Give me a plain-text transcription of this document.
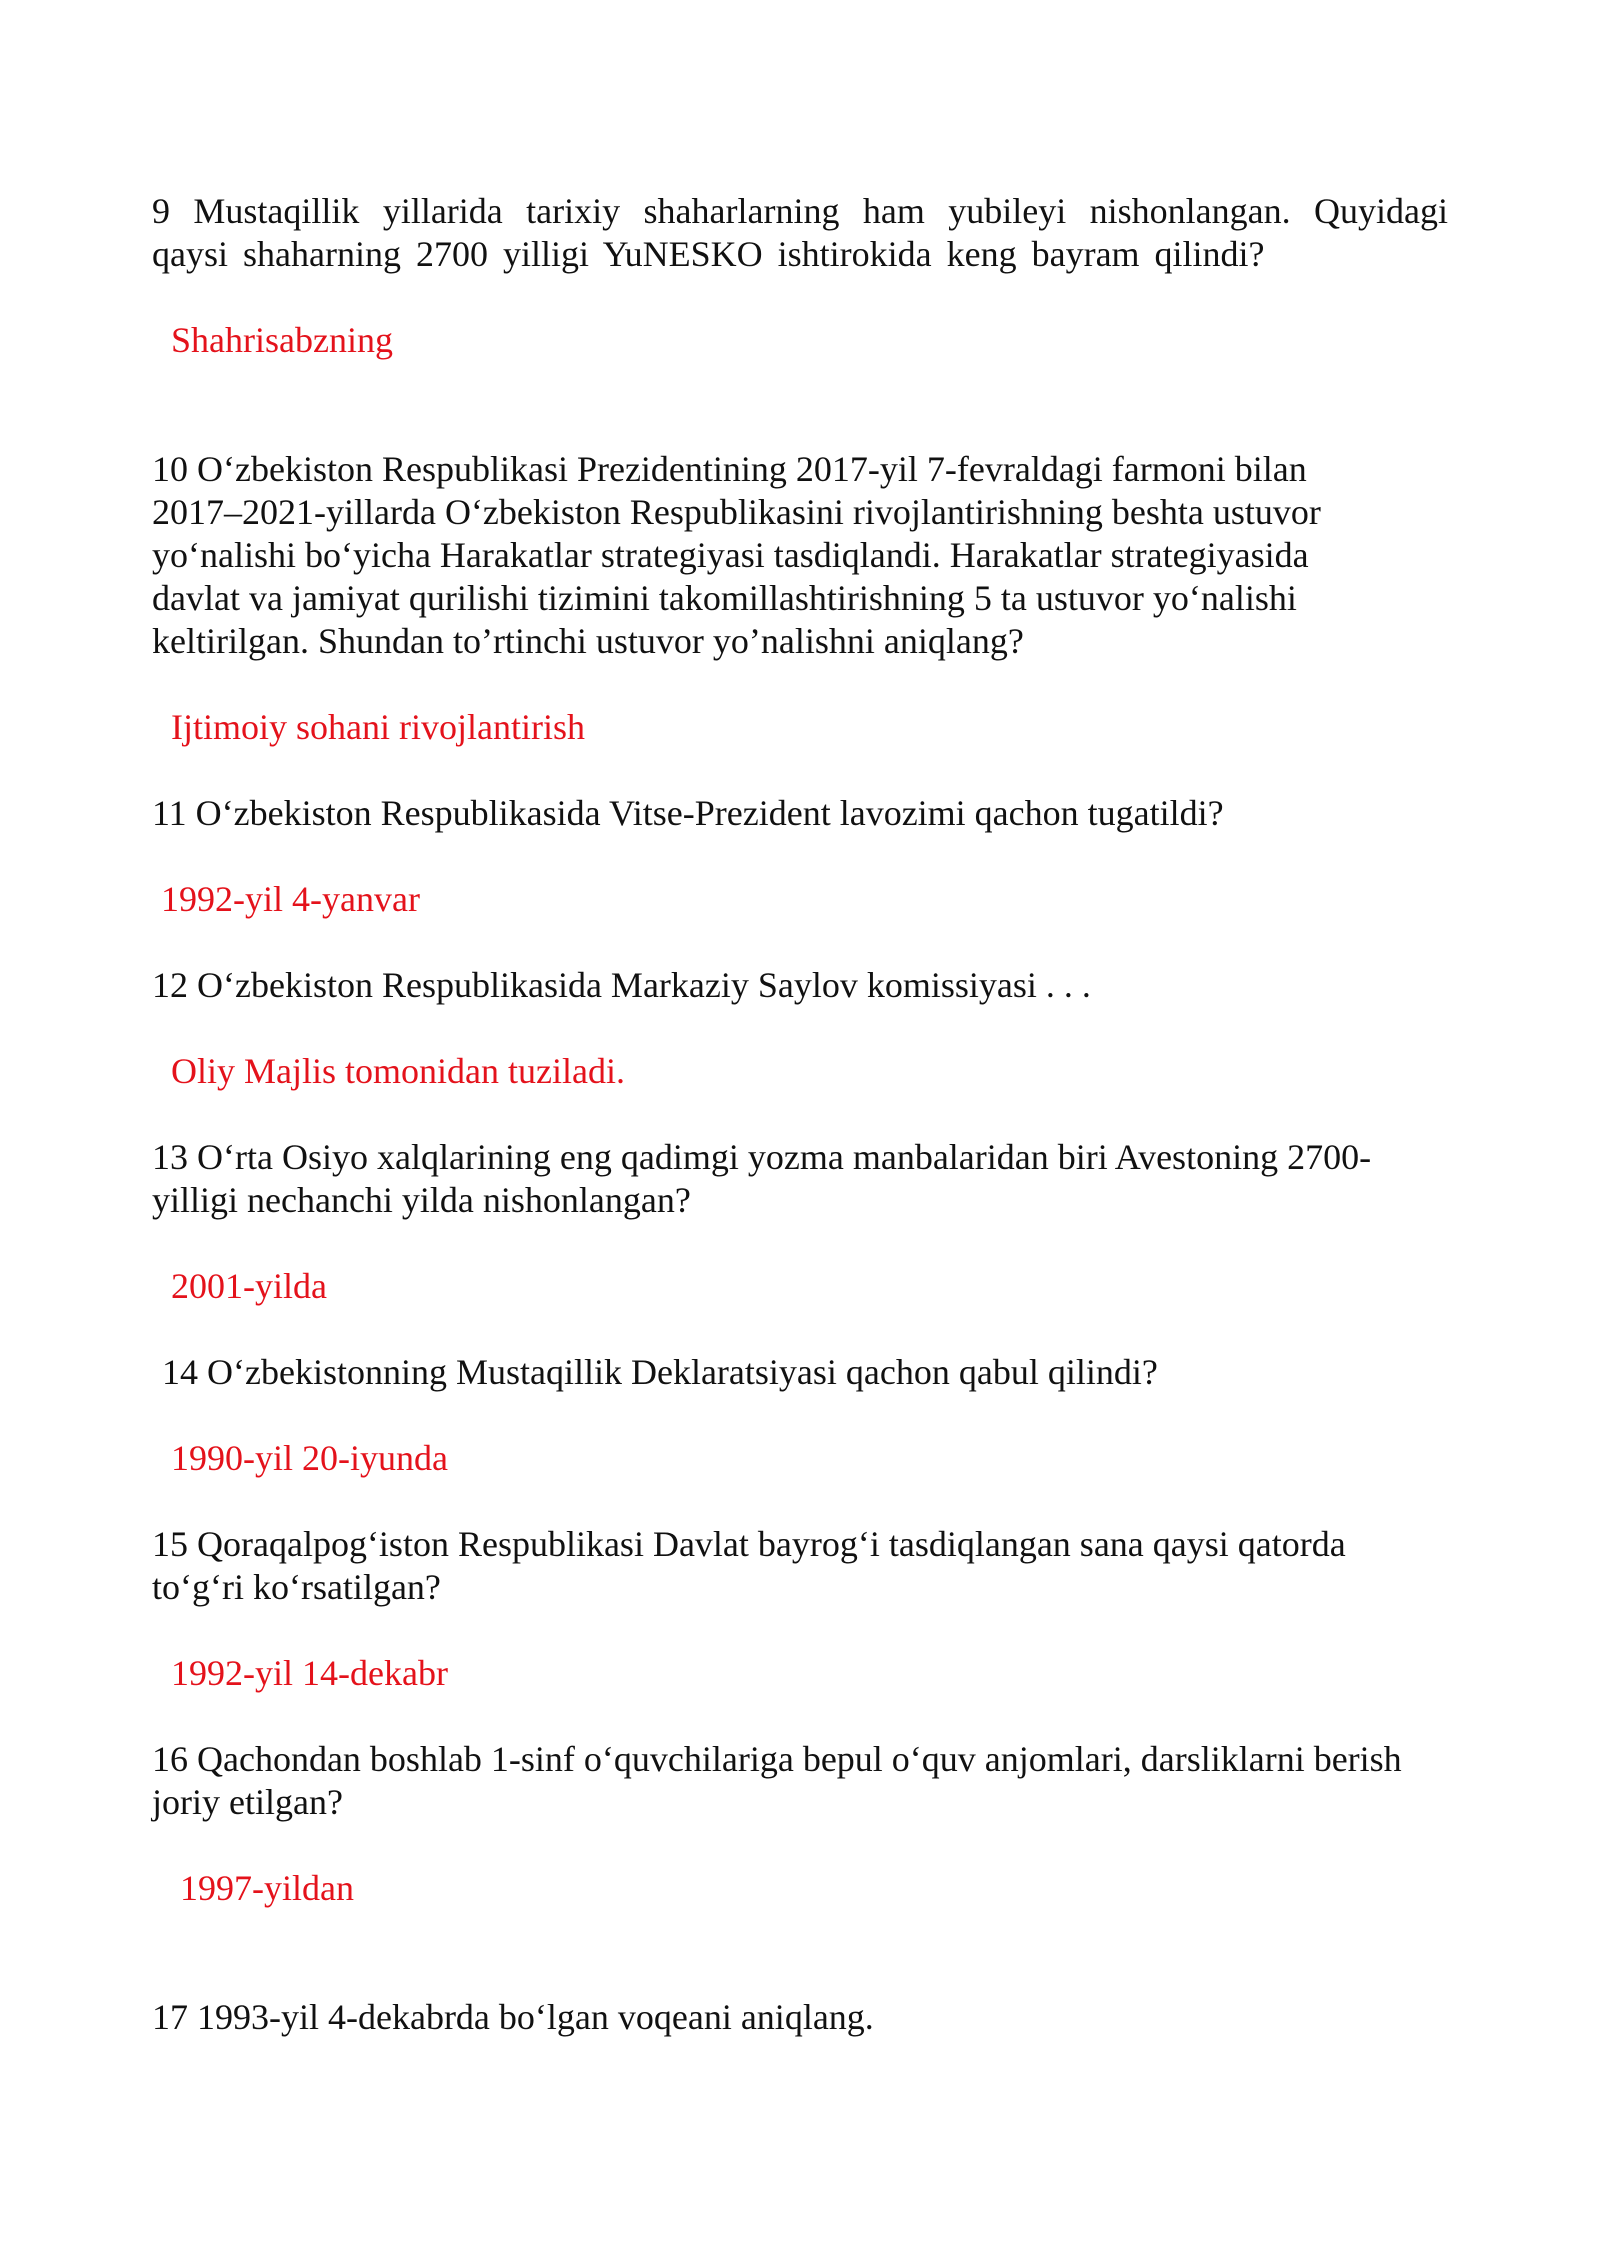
9 Mustaqillik yillarida tarixiy shaharlarning ham yubileyi nishonlangan. Quyidagi qaysi shaharning 2700 yilligi YuNESKO ishtirokida keng bayram qilindi?

Shahrisabzning

10 O‘zbekiston Respublikasi Prezidentining 2017-yil 7-fevraldagi farmoni bilan 2017–2021-yillarda O‘zbekiston Respublikasini rivojlantirishning beshta ustuvor yo‘nalishi bo‘yicha Harakatlar strategiyasi tasdiqlandi. Harakatlar strategiyasida davlat va jamiyat qurilishi tizimini takomillashtirishning 5 ta ustuvor yo‘nalishi keltirilgan. Shundan to’rtinchi ustuvor yo’nalishni aniqlang?

Ijtimoiy sohani rivojlantirish

11 O‘zbekiston Respublikasida Vitse-Prezident lavozimi qachon tugatildi?

1992-yil 4-yanvar

12 O‘zbekiston Respublikasida Markaziy Saylov komissiyasi . . .

Oliy Majlis tomonidan tuziladi.

13 O‘rta Osiyo xalqlarining eng qadimgi yozma manbalaridan biri Avestoning 2700-yilligi nechanchi yilda nishonlangan?

2001-yilda

14 O‘zbekistonning Mustaqillik Deklaratsiyasi qachon qabul qilindi?

1990-yil 20-iyunda

15 Qoraqalpog‘iston Respublikasi Davlat bayrog‘i tasdiqlangan sana qaysi qatorda to‘g‘ri ko‘rsatilgan?

1992-yil 14-dekabr

16 Qachondan boshlab 1-sinf o‘quvchilariga bepul o‘quv anjomlari, darsliklarni berish joriy etilgan?

1997-yildan

17 1993-yil 4-dekabrda bo‘lgan voqeani aniqlang.
